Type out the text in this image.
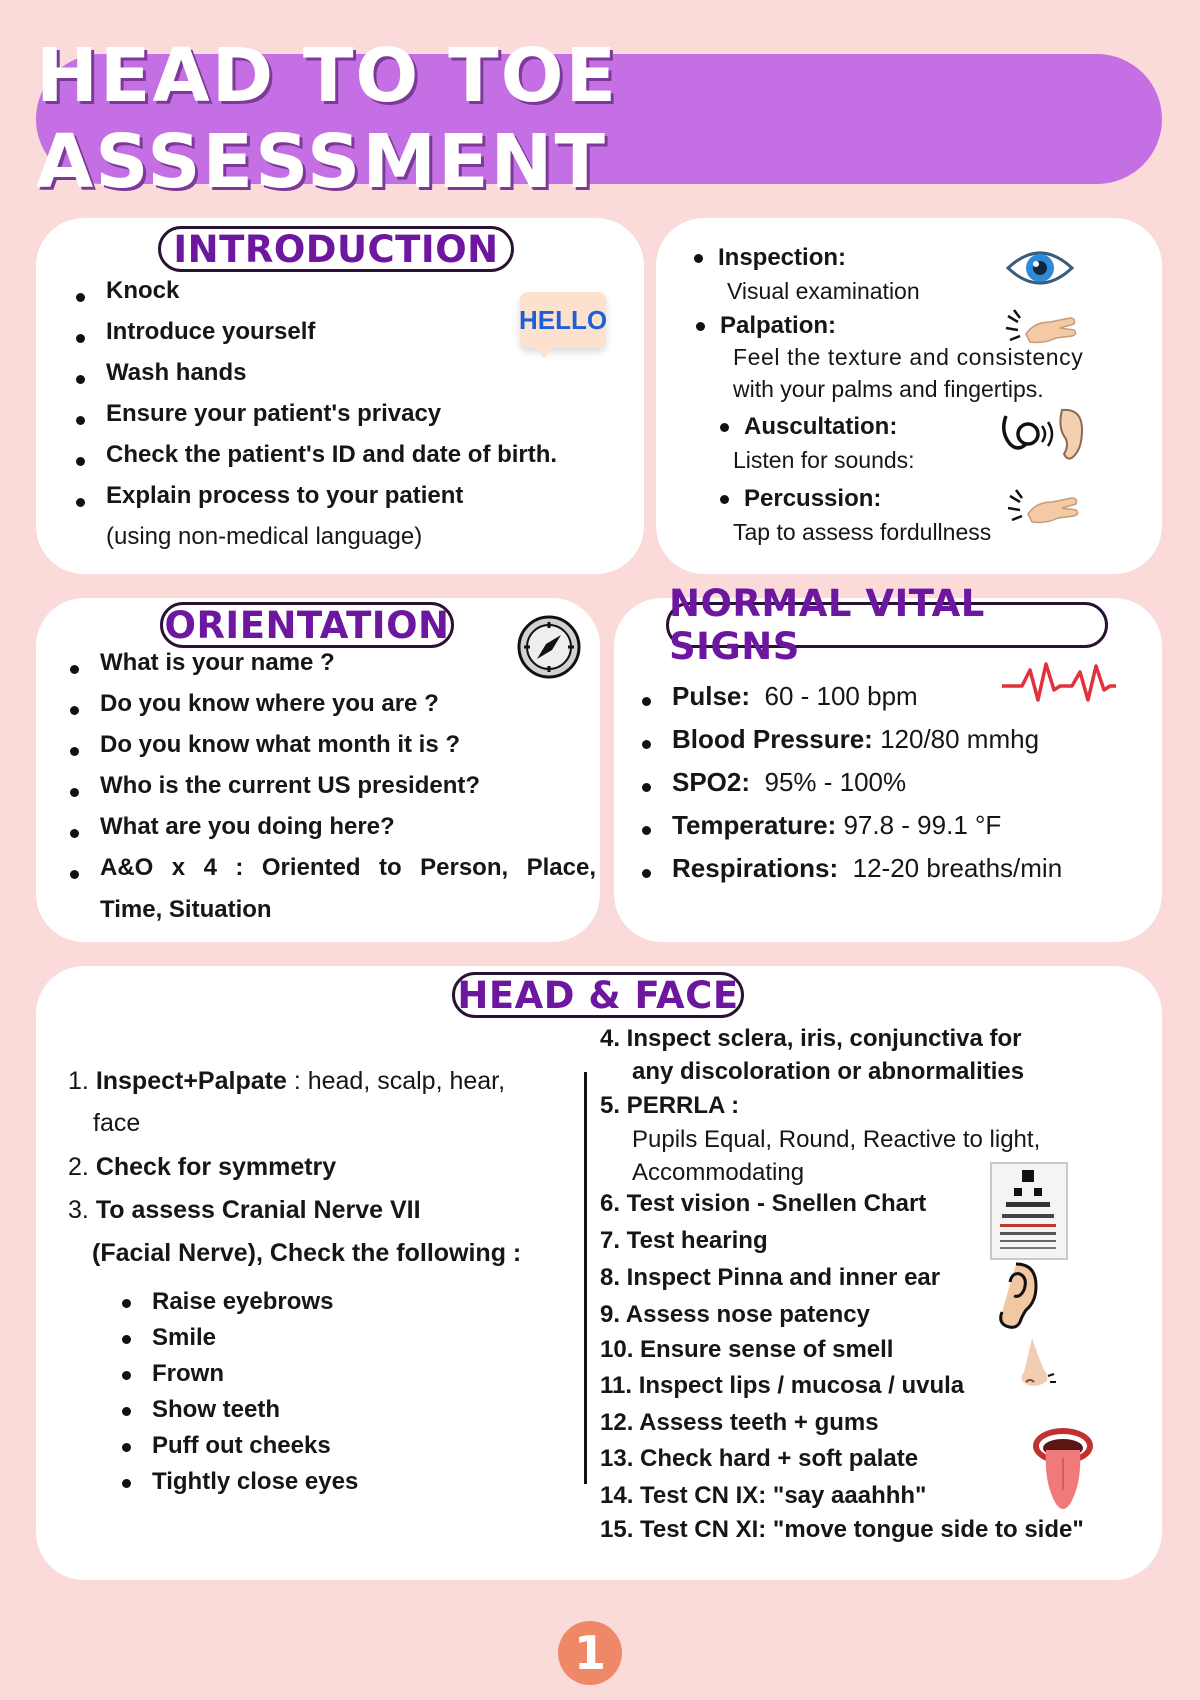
HEAD TO TOE ASSESSMENT
INTRODUCTION
HELLO
Knock
Introduce yourself
Wash hands
Ensure your patient's privacy
Check the patient's ID and date of birth.
Explain process to your patient
(using non-medical language)
Inspection:
Visual examination
Palpation:
Feel the texture and consistency
with your palms and fingertips.
Auscultation:
Listen for sounds:
Percussion:
Tap to assess fordullness
ORIENTATION
What is your name ?
Do you know where you are ?
Do you know what month it is ?
Who is the current US president?
What are you doing here?
A&O x 4 : Oriented to Person, Place,
Time, Situation
NORMAL VITAL SIGNS
Pulse: 60 - 100 bpm
Blood Pressure: 120/80 mmhg
SPO2: 95% - 100%
Temperature: 97.8 - 99.1 °F
Respirations: 12-20 breaths/min
HEAD & FACE
1. Inspect+Palpate : head, scalp, hear,
face
2. Check for symmetry
3. To assess Cranial Nerve VII
(Facial Nerve), Check the following :
Raise eyebrows
Smile
Frown
Show teeth
Puff out cheeks
Tightly close eyes
4. Inspect sclera, iris, conjunctiva for
any discoloration or abnormalities
5. PERRLA :
Pupils Equal, Round, Reactive to light,
Accommodating
6. Test vision - Snellen Chart
7. Test hearing
8. Inspect Pinna and inner ear
9. Assess nose patency
10. Ensure sense of smell
11. Inspect lips / mucosa / uvula
12. Assess teeth + gums
13. Check hard + soft palate
14. Test CN IX: "say aaahhh"
15. Test CN XI: "move tongue side to side"
1
